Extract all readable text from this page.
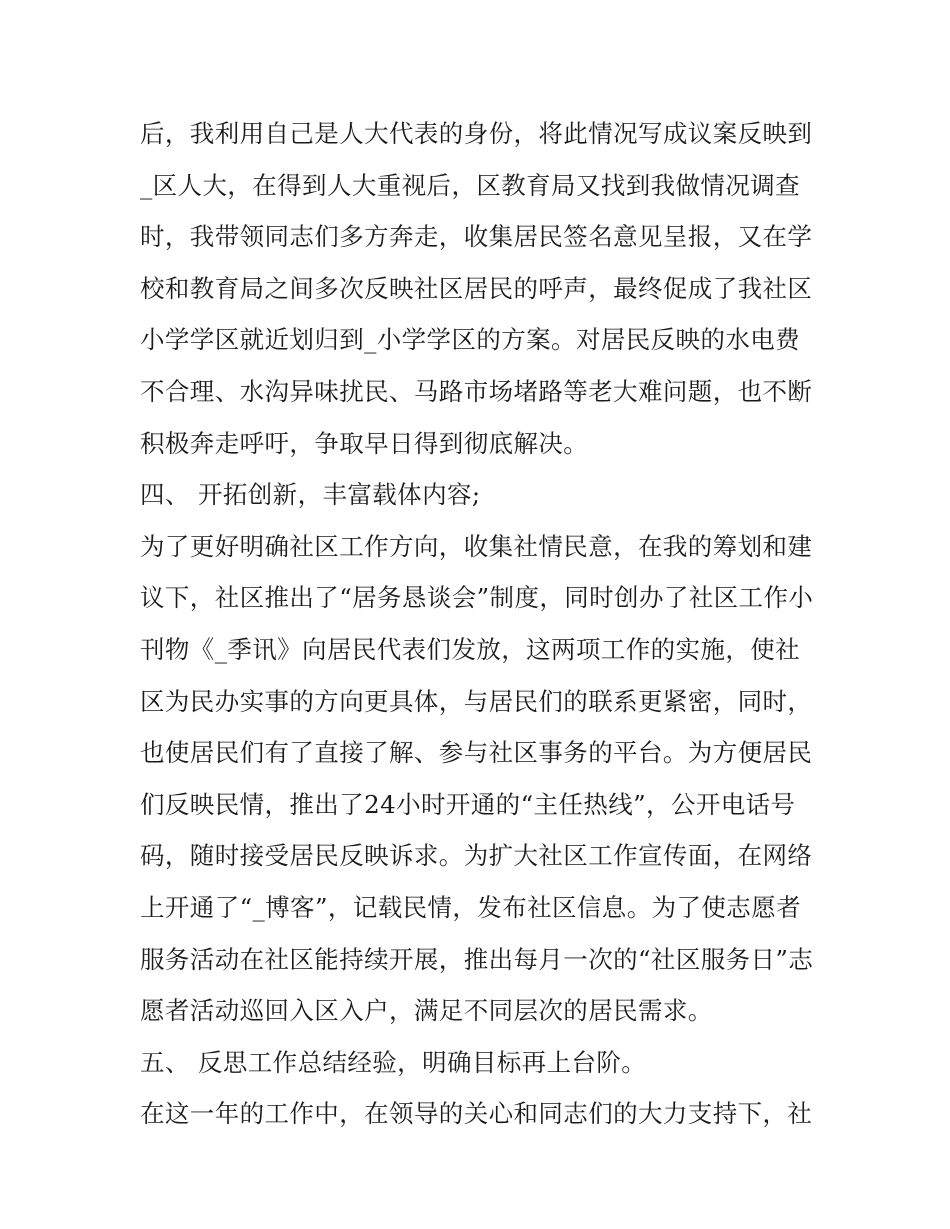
后，我利用自己是人大代表的身份，将此情况写成议案反映到
_区人大，在得到人大重视后，区教育局又找到我做情况调查
时，我带领同志们多方奔走，收集居民签名意见呈报，又在学
校和教育局之间多次反映社区居民的呼声，最终促成了我社区
小学学区就近划归到_小学学区的方案。对居民反映的水电费
不合理、水沟异味扰民、马路市场堵路等老大难问题，也不断
积极奔走呼吁，争取早日得到彻底解决。
四、 开拓创新，丰富载体内容;
为了更好明确社区工作方向，收集社情民意，在我的筹划和建
议下，社区推出了“居务恳谈会”制度，同时创办了社区工作小
刊物《_季讯》向居民代表们发放，这两项工作的实施，使社
区为民办实事的方向更具体，与居民们的联系更紧密，同时，
也使居民们有了直接了解、参与社区事务的平台。为方便居民
们反映民情，推出了24小时开通的“主任热线”，公开电话号
码，随时接受居民反映诉求。为扩大社区工作宣传面，在网络
上开通了“_博客”，记载民情，发布社区信息。为了使志愿者
服务活动在社区能持续开展，推出每月一次的“社区服务日”志
愿者活动巡回入区入户，满足不同层次的居民需求。
五、 反思工作总结经验，明确目标再上台阶。
在这一年的工作中，在领导的关心和同志们的大力支持下，社
